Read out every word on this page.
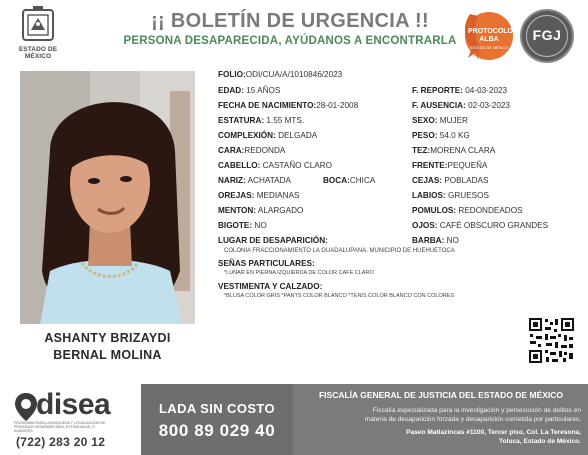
ESTADO DE MÉXICO
¡¡ BOLETÍN DE URGENCIA !!
PERSONA DESAPARECIDA, AYÚDANOS A ENCONTRARLA
PROTOCOLO ALBA
ESTADO DE MÉXICO
FGJ
ASHANTY BRIZAYDI
BERNAL MOLINA
FOLIO:ODI/CUA/A/1010846/2023
EDAD: 15 AÑOS	F. REPORTE: 04-03-2023
FECHA DE NACIMIENTO:28-01-2008	F. AUSENCIA: 02-03-2023
ESTATURA: 1.55 MTS.	SEXO: MUJER
COMPLEXIÓN: DELGADA	PESO: 54.0 KG
CARA:REDONDA	TEZ:MORENA CLARA
CABELLO: CASTAÑO CLARO	FRENTE:PEQUEÑA
NARIZ: ACHATADA	BOCA:CHICA	CEJAS: POBLADAS
OREJAS: MEDIANAS	LABIOS: GRUESOS
MENTON: ALARGADO	POMULOS: REDONDEADOS
BIGOTE: NO	OJOS: CAFÉ OBSCURO GRANDES
LUGAR DE DESAPARICIÓN:	BARBA: NO
COLONIA FRACCIONAMIENTO LA GUADALUPANA, MUNICIPIO DE HUEHUETOCA
SEÑAS PARTICULARES:
*LUNAR EN PIERNA IZQUIERDA DE COLOR CAFE CLARO
VESTIMENTA Y CALZADO:
*BLUSA COLOR GRIS *PANTS COLOR BLANCO *TENIS COLOR BLANCO CON COLORES
disea
PROGRAMA PARA LA BÚSQUEDA Y LOCALIZACIÓN DE PERSONAS DESAPARECIDAS, EXTRAVIADAS, O AUSENTES
(722) 283 20 12
LADA SIN COSTO
800 89 029 40
FISCALÍA GENERAL DE JUSTICIA DEL ESTADO DE MÉXICO
Fiscalía especializada para la investigación y persecución de delitos en
materia de desaparición forzada y desaparición cometida por particulares.
Paseo Matlazincas #1100, Tercer piso, Col. La Teresona,
Toluca, Estado de México.
